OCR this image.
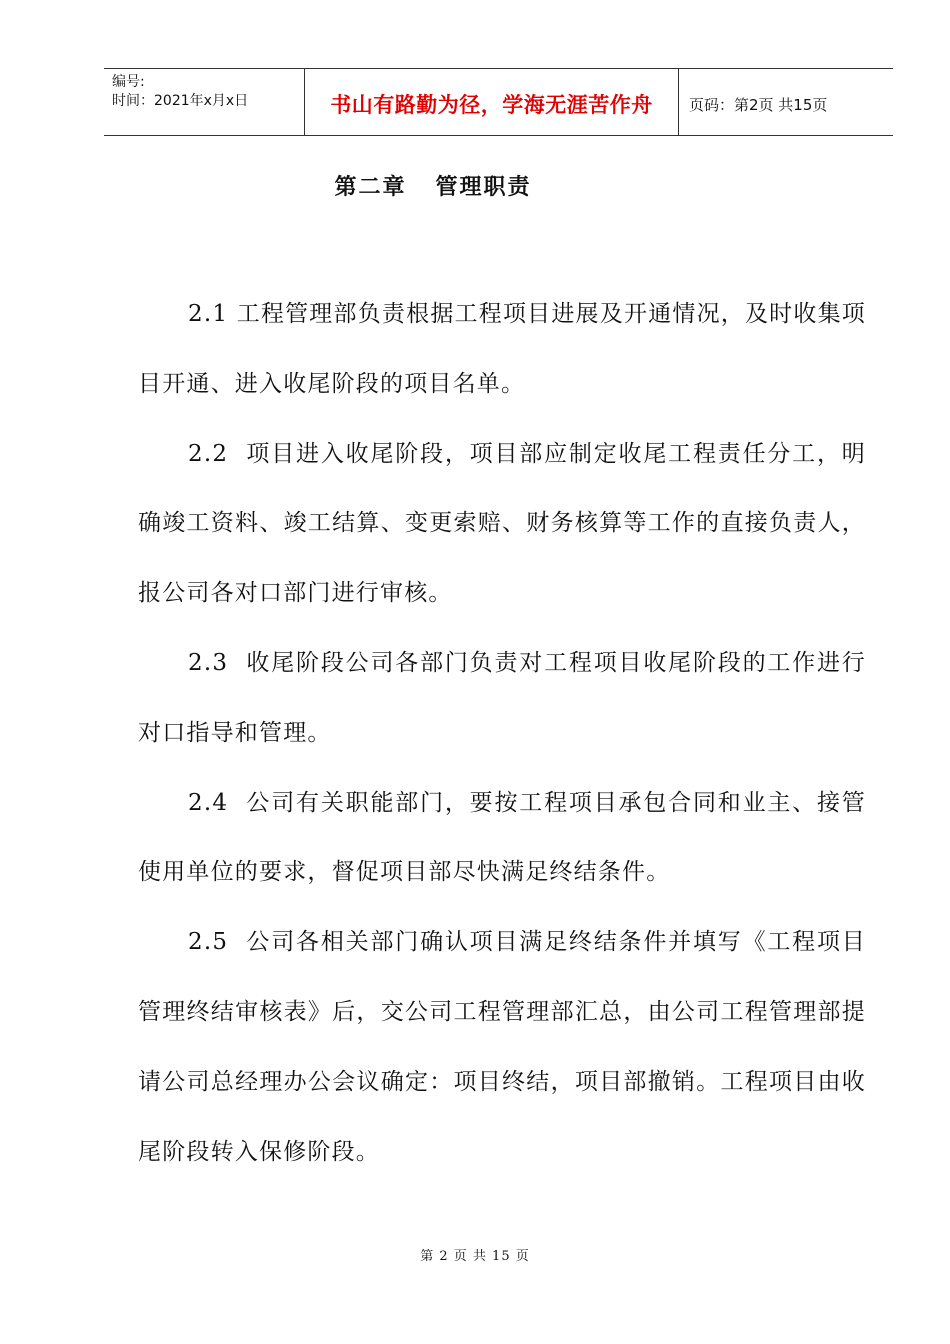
编号:
时间：2021年x月x日	书山有路勤为径，学海无涯苦作舟 页码：第2页 共15页
第二章   管理职责

2.1 工程管理部负责根据工程项目进展及开通情况，及时收集项目开通、进入收尾阶段的项目名单。

2.2  项目进入收尾阶段，项目部应制定收尾工程责任分工，明确竣工资料、竣工结算、变更索赔、财务核算等工作的直接负责人，报公司各对口部门进行审核。

2.3  收尾阶段公司各部门负责对工程项目收尾阶段的工作进行对口指导和管理。

2.4  公司有关职能部门，要按工程项目承包合同和业主、接管使用单位的要求，督促项目部尽快满足终结条件。

2.5  公司各相关部门确认项目满足终结条件并填写《工程项目管理终结审核表》后，交公司工程管理部汇总，由公司工程管理部提请公司总经理办公会议确定：项目终结，项目部撤销。工程项目由收尾阶段转入保修阶段。

第 2 页 共 15 页
